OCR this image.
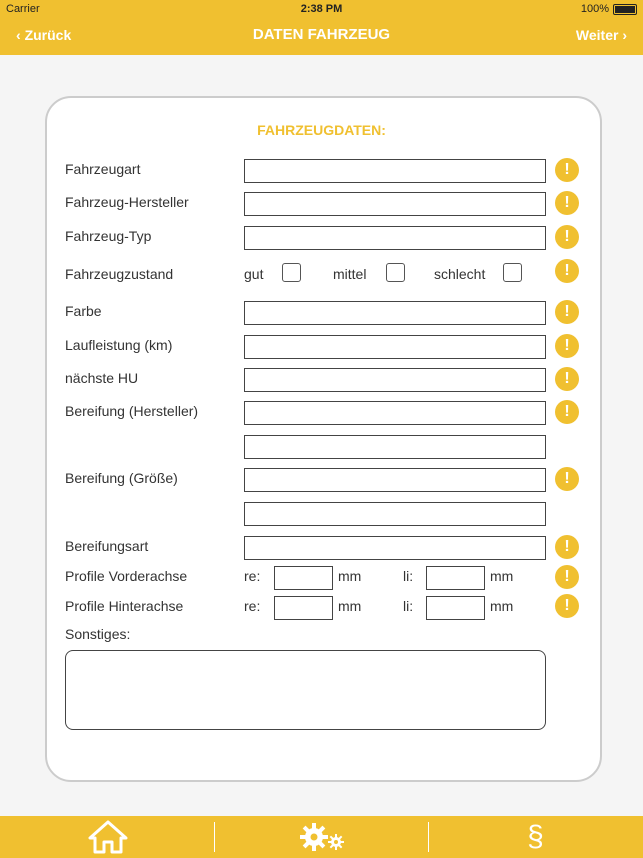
Carrier	2:38 PM	100%
‹ Zurück	DATEN FAHRZEUG	Weiter ›
FAHRZEUGDATEN:
Fahrzeugart	!
Fahrzeug-Hersteller	!
Fahrzeug-Typ	!
Fahrzeugzustand	gut	mittel	schlecht	!
Farbe	!
Laufleistung (km)	!
nächste HU	!
Bereifung (Hersteller)	!
Bereifung (Größe)	!
Bereifungsart	!
Profile Vorderachse	re:	mm	li:	mm	!
Profile Hinterachse	re:	mm	li:	mm	!
Sonstiges:
§
